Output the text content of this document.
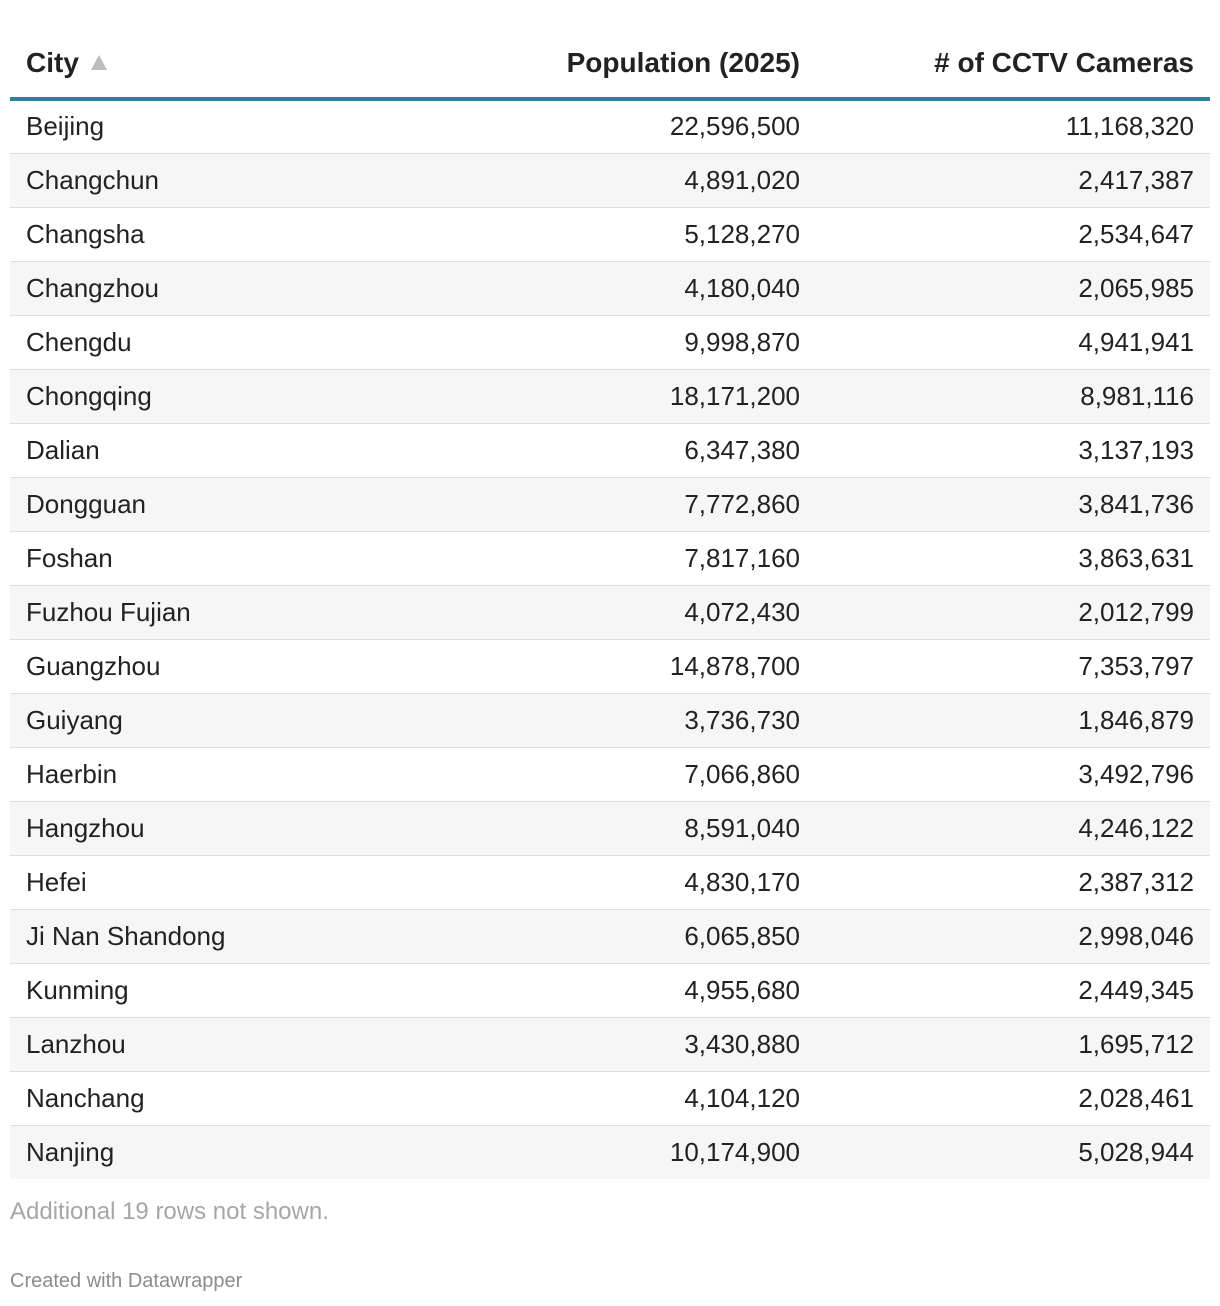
City	Population (2025)	# of CCTV Cameras
Beijing	22,596,500	11,168,320
Changchun	4,891,020	2,417,387
Changsha	5,128,270	2,534,647
Changzhou	4,180,040	2,065,985
Chengdu	9,998,870	4,941,941
Chongqing	18,171,200	8,981,116
Dalian	6,347,380	3,137,193
Dongguan	7,772,860	3,841,736
Foshan	7,817,160	3,863,631
Fuzhou Fujian	4,072,430	2,012,799
Guangzhou	14,878,700	7,353,797
Guiyang	3,736,730	1,846,879
Haerbin	7,066,860	3,492,796
Hangzhou	8,591,040	4,246,122
Hefei	4,830,170	2,387,312
Ji Nan Shandong	6,065,850	2,998,046
Kunming	4,955,680	2,449,345
Lanzhou	3,430,880	1,695,712
Nanchang	4,104,120	2,028,461
Nanjing	10,174,900	5,028,944
Additional 19 rows not shown.
Created with Datawrapper
